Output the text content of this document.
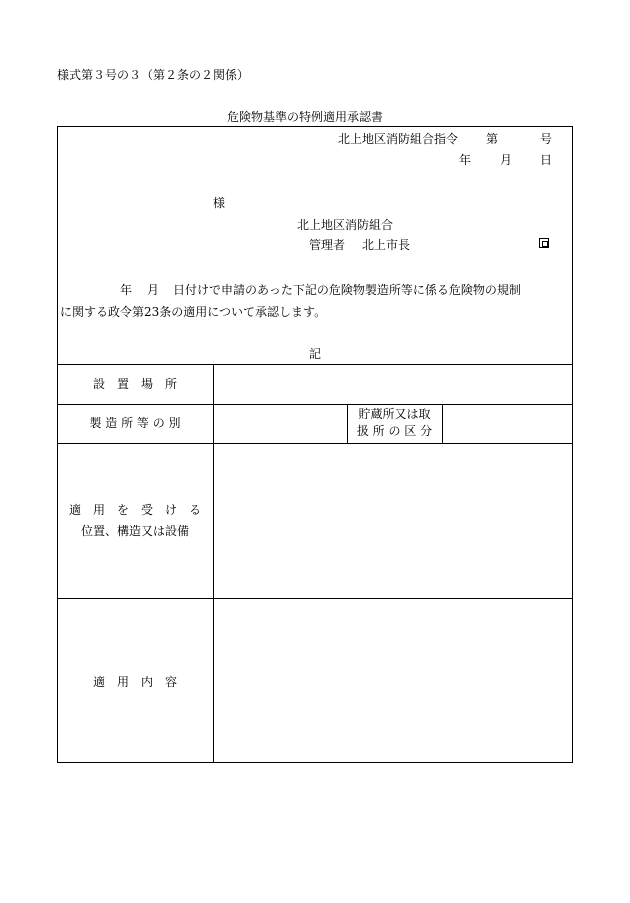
様式第３号の３（第２条の２関係）
危険物基準の特例適用承認書
北上地区消防組合指令 第	号
年 月 日
様
北上地区消防組合
管理者 北上市長
年 月 日付けで申請のあった下記の危険物製造所等に係る危険物の規制
に関する政令第23条の適用について承認します。
記
設　置　場　所
製 造 所 等 の 別
貯蔵所又は取
扱 所 の 区 分
適　用　を　受　け　る
位置、構造又は設備
適　用　内　容
